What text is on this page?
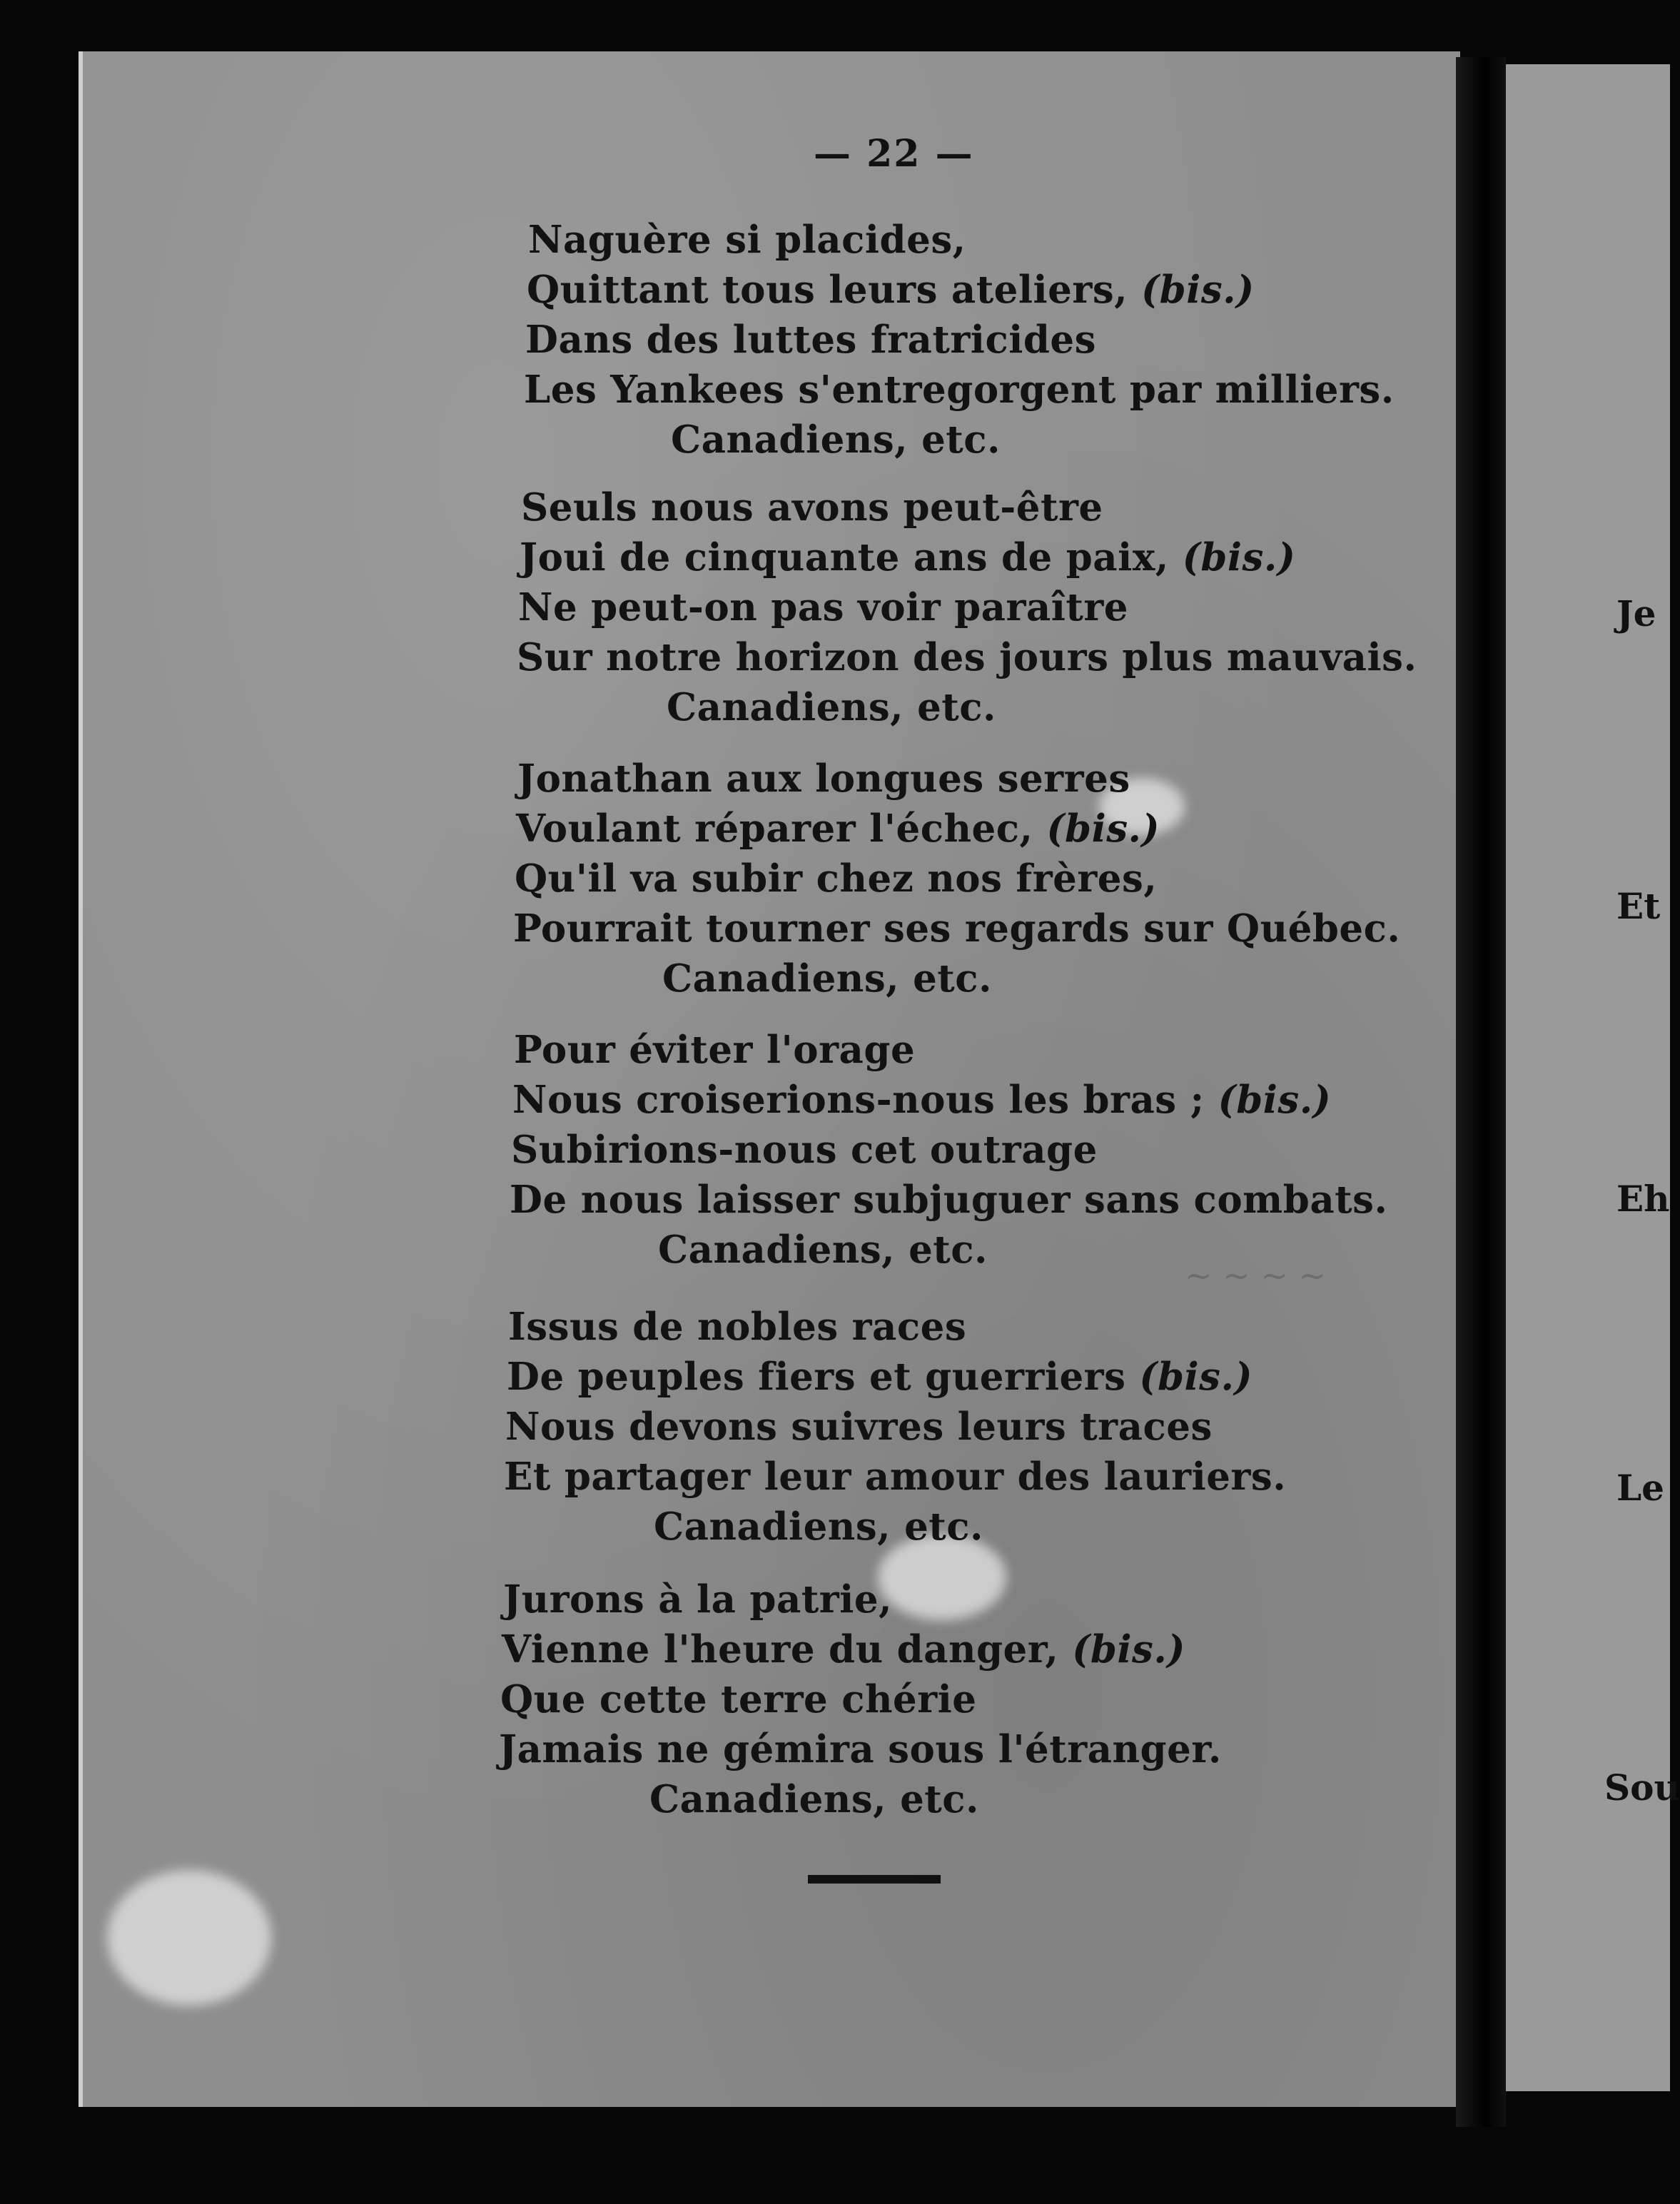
~ ~ ~ ~
— 22 —
Naguère si placides,
Quittant tous leurs ateliers, (bis.)
Dans des luttes fratricides
Les Yankees s'entregorgent par milliers.
Canadiens, etc.
Seuls nous avons peut-être
Joui de cinquante ans de paix, (bis.)
Ne peut-on pas voir paraître
Sur notre horizon des jours plus mauvais.
Canadiens, etc.
Jonathan aux longues serres
Voulant réparer l'échec, (bis.)
Qu'il va subir chez nos frères,
Pourrait tourner ses regards sur Québec.
Canadiens, etc.
Pour éviter l'orage
Nous croiserions-nous les bras ; (bis.)
Subirions-nous cet outrage
De nous laisser subjuguer sans combats.
Canadiens, etc.
Issus de nobles races
De peuples fiers et guerriers (bis.)
Nous devons suivres leurs traces
Et partager leur amour des lauriers.
Canadiens, etc.
Jurons à la patrie,
Vienne l'heure du danger, (bis.)
Que cette terre chérie
Jamais ne gémira sous l'étranger.
Canadiens, etc.
Je
Et
Eh
Le
Sou
